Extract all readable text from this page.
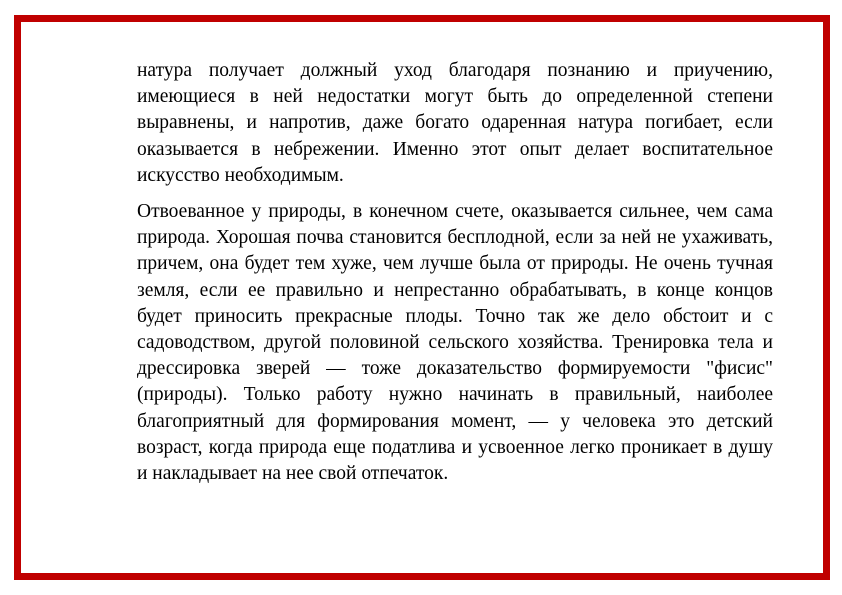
натура получает должный уход благодаря познанию и приучению, имеющиеся в ней недостатки могут быть до определенной степени выравнены, и напротив, даже богато одаренная натура погибает, если оказывается в небрежении. Именно этот опыт делает воспитательное искусство необходимым.

Отвоеванное у природы, в конечном счете, оказывается сильнее, чем сама природа. Хорошая почва становится бесплодной, если за ней не ухаживать, причем, она будет тем хуже, чем лучше была от природы. Не очень тучная земля, если ее правильно и непрестанно обрабатывать, в конце концов будет приносить прекрасные плоды. Точно так же дело обстоит и с садоводством, другой половиной сельского хозяйства. Тренировка тела и дрессировка зверей — тоже доказательство формируемости "фисис" (природы). Только работу нужно начинать в правильный, наиболее благоприятный для формирования момент, — у человека это детский возраст, когда природа еще податлива и усвоенное легко проникает в душу и накладывает на нее свой отпечаток.
